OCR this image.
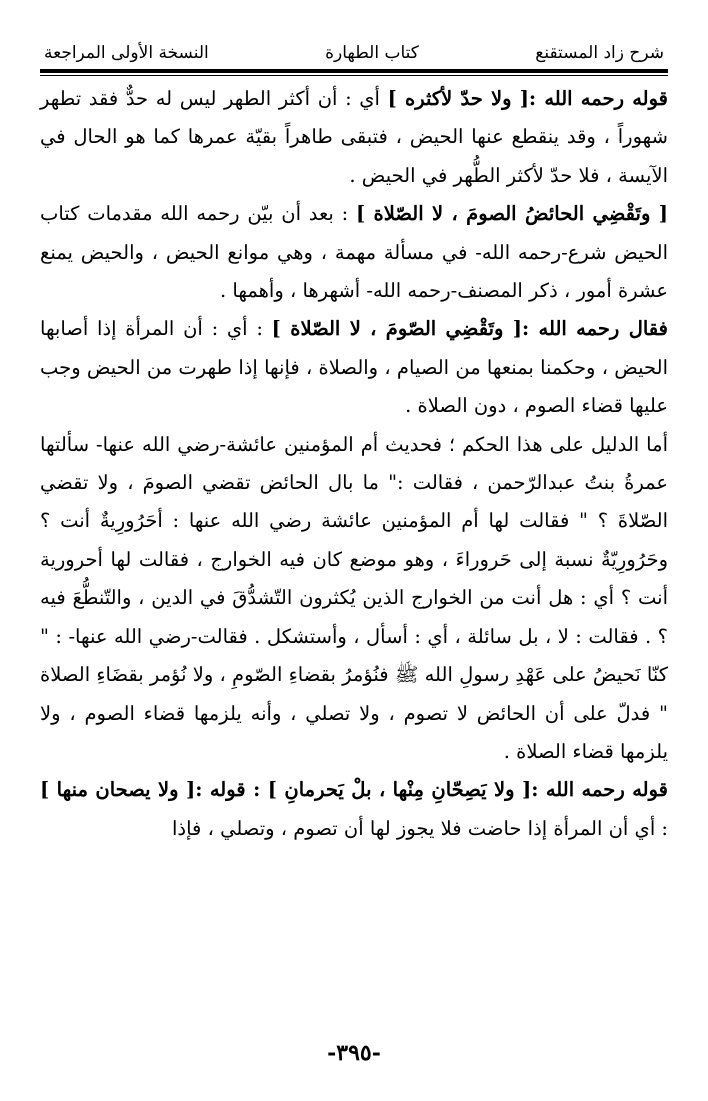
شرح زاد المستقنع
كتاب الطهارة
النسخة الأولى المراجعة

قوله رحمه الله :[ ولا حدّ لأكثره ] أي : أن أكثر الطهر ليس له حدٌّ فقد تطهر شهوراً ، وقد ينقطع عنها الحيض ، فتبقى طاهراً بقيّة عمرها كما هو الحال في الآيسة ، فلا حدّ لأكثر الطُّهر في الحيض .

[ وتَقْضِي الحائضُ الصومَ ، لا الصّلاة ] : بعد أن بيّن رحمه الله مقدمات كتاب الحيض شرع-رحمه الله- في مسألة مهمة ، وهي موانع الحيض ، والحيض يمنع عشرة أمور ، ذكر المصنف-رحمه الله- أشهرها ، وأهمها .

فقال رحمه الله :[ وتَقْضِي الصّومَ ، لا الصّلاة ] : أي : أن المرأة إذا أصابها الحيض ، وحكمنا بمنعها من الصيام ، والصلاة ، فإنها إذا طهرت من الحيض وجب عليها قضاء الصوم ، دون الصلاة .

أما الدليل على هذا الحكم ؛ فحديث أم المؤمنين عائشة-رضي الله عنها- سألتها عمرةُ بنتُ عبدالرّحمن ، فقالت :" ما بال الحائض تقضي الصومَ ، ولا تقضي الصّلاةَ ؟ " فقالت لها أم المؤمنين عائشة رضي الله عنها : أحَرُورِيةٌ أنت ؟ وحَرُورِيّةٌ نسبة إلى حَروراءَ ، وهو موضع كان فيه الخوارج ، فقالت لها أحرورية أنت ؟ أي : هل أنت من الخوارج الذين يُكثرون التّشدُّقَ في الدين ، والتّنطُّعَ فيه ؟ . فقالت : لا ، بل سائلة ، أي : أسأل ، وأستشكل . فقالت-رضي الله عنها- : " كنّا نَحيضُ على عَهْدِ رسولِ الله ﷺ فنُؤمرُ بقضاءِ الصّومِ ، ولا نُؤمر بقضَاءِ الصلاة " فدلّ على أن الحائض لا تصوم ، ولا تصلي ، وأنه يلزمها قضاء الصوم ، ولا يلزمها قضاء الصلاة .

قوله رحمه الله :[ ولا يَصِحّانِ مِنْها ، بلْ يَحرمانِ ] : قوله :[ ولا يصحان منها ] : أي أن المرأة إذا حاضت فلا يجوز لها أن تصوم ، وتصلي ، فإذا

-٣٩٥-
